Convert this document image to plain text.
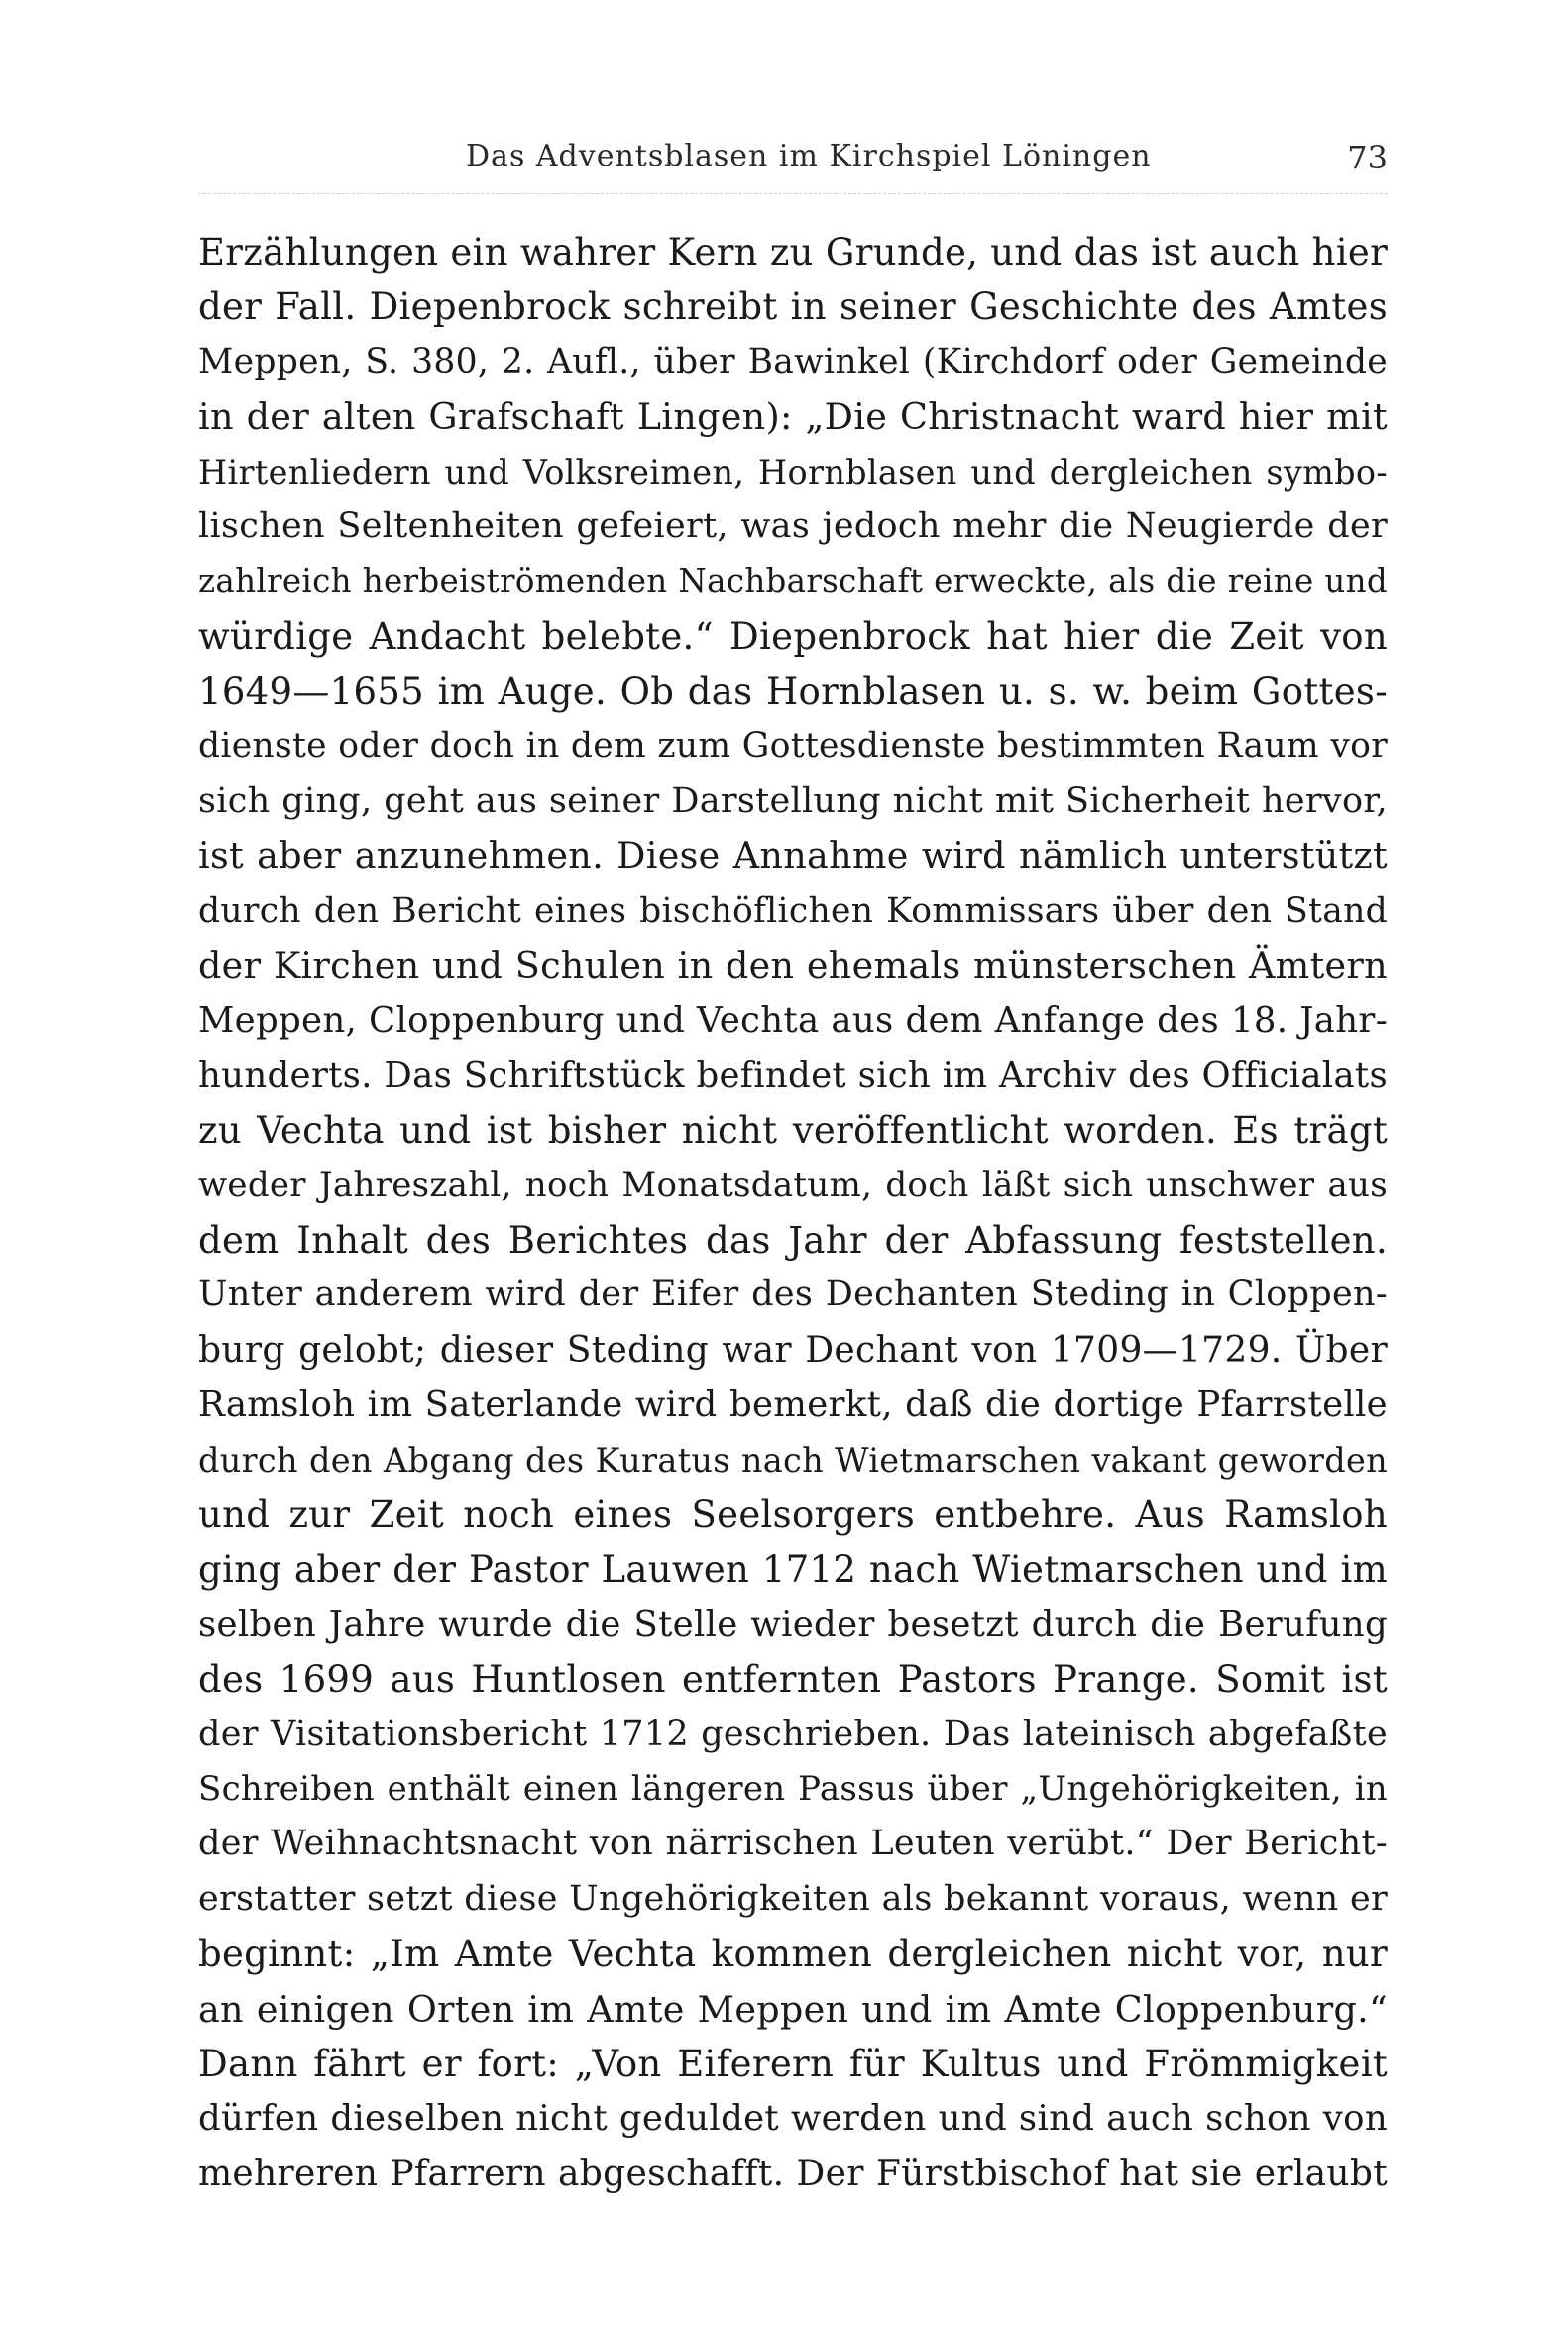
Das Adventsblasen im Kirchspiel Löningen	73
Erzählungen ein wahrer Kern zu Grunde, und das ist auch hier
der Fall. Diepenbrock schreibt in seiner Geschichte des Amtes
Meppen, S. 380, 2. Aufl., über Bawinkel (Kirchdorf oder Gemeinde
in der alten Grafschaft Lingen): „Die Christnacht ward hier mit
Hirtenliedern und Volksreimen, Hornblasen und dergleichen symbo-
lischen Seltenheiten gefeiert, was jedoch mehr die Neugierde der
zahlreich herbeiströmenden Nachbarschaft erweckte, als die reine und
würdige Andacht belebte.“ Diepenbrock hat hier die Zeit von
1649—1655 im Auge. Ob das Hornblasen u. s. w. beim Gottes-
dienste oder doch in dem zum Gottesdienste bestimmten Raum vor
sich ging, geht aus seiner Darstellung nicht mit Sicherheit hervor,
ist aber anzunehmen. Diese Annahme wird nämlich unterstützt
durch den Bericht eines bischöflichen Kommissars über den Stand
der Kirchen und Schulen in den ehemals münsterschen Ämtern
Meppen, Cloppenburg und Vechta aus dem Anfange des 18. Jahr-
hunderts. Das Schriftstück befindet sich im Archiv des Officialats
zu Vechta und ist bisher nicht veröffentlicht worden. Es trägt
weder Jahreszahl, noch Monatsdatum, doch läßt sich unschwer aus
dem Inhalt des Berichtes das Jahr der Abfassung feststellen.
Unter anderem wird der Eifer des Dechanten Steding in Cloppen-
burg gelobt; dieser Steding war Dechant von 1709—1729. Über
Ramsloh im Saterlande wird bemerkt, daß die dortige Pfarrstelle
durch den Abgang des Kuratus nach Wietmarschen vakant geworden
und zur Zeit noch eines Seelsorgers entbehre. Aus Ramsloh
ging aber der Pastor Lauwen 1712 nach Wietmarschen und im
selben Jahre wurde die Stelle wieder besetzt durch die Berufung
des 1699 aus Huntlosen entfernten Pastors Prange. Somit ist
der Visitationsbericht 1712 geschrieben. Das lateinisch abgefaßte
Schreiben enthält einen längeren Passus über „Ungehörigkeiten, in
der Weihnachtsnacht von närrischen Leuten verübt.“ Der Bericht-
erstatter setzt diese Ungehörigkeiten als bekannt voraus, wenn er
beginnt: „Im Amte Vechta kommen dergleichen nicht vor, nur
an einigen Orten im Amte Meppen und im Amte Cloppenburg.“
Dann fährt er fort: „Von Eiferern für Kultus und Frömmigkeit
dürfen dieselben nicht geduldet werden und sind auch schon von
mehreren Pfarrern abgeschafft. Der Fürstbischof hat sie erlaubt
